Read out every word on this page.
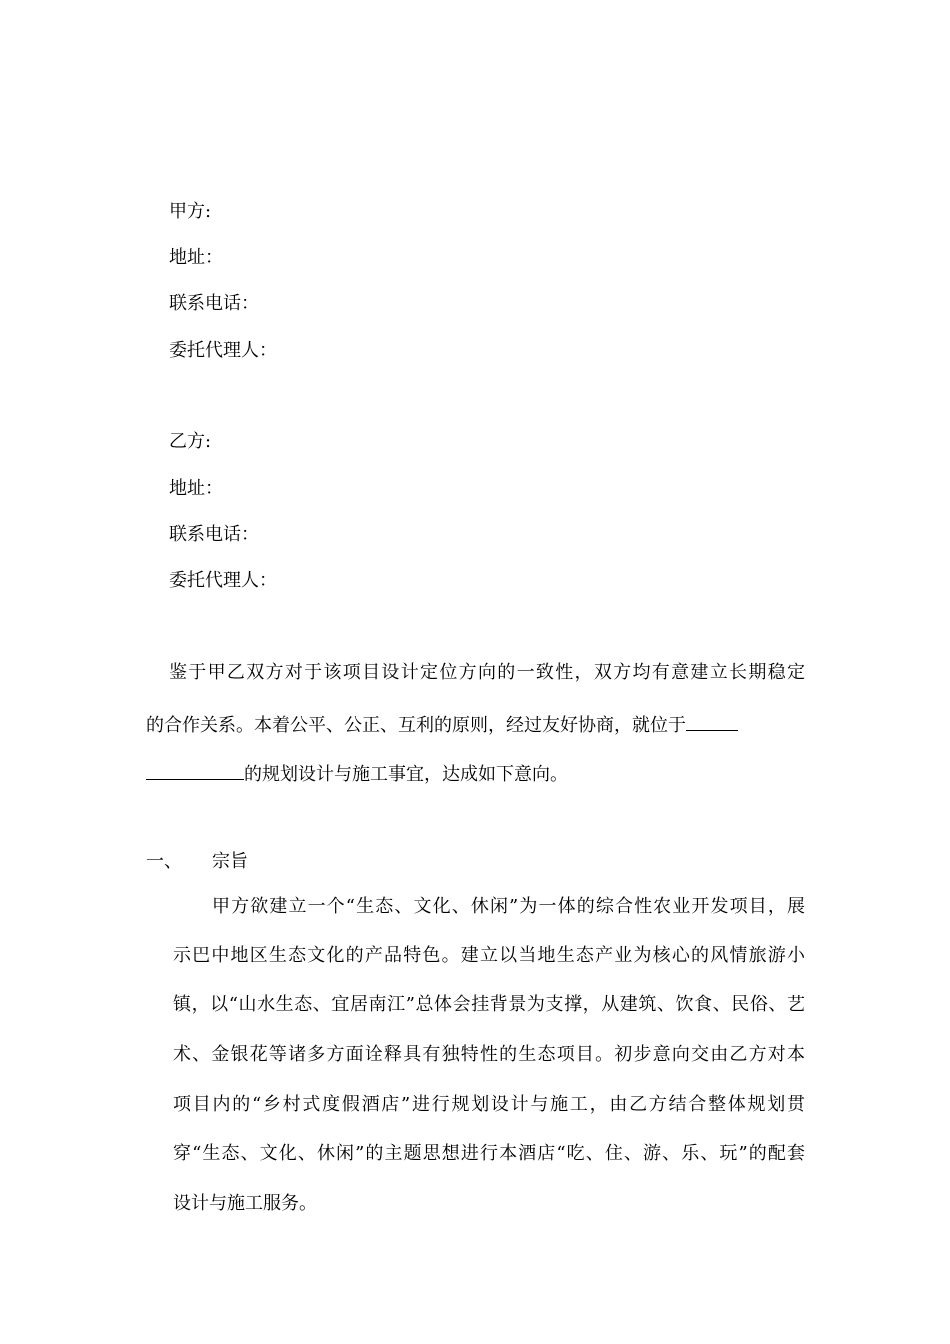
甲方:
地址：
联系电话：
委托代理人：
乙方:
地址：
联系电话：
委托代理人：
鉴于甲乙双方对于该项目设计定位方向的一致性，双方均有意建立长期稳定
的合作关系。本着公平、公正、互利的原则，经过友好协商，就位于
的规划设计与施工事宜，达成如下意向。
一、 宗旨
甲方欲建立一个“生态、文化、休闲”为一体的综合性农业开发项目，展
示巴中地区生态文化的产品特色。建立以当地生态产业为核心的风情旅游小
镇，以“山水生态、宜居南江”总体会挂背景为支撑，从建筑、饮食、民俗、艺
术、金银花等诸多方面诠释具有独特性的生态项目。初步意向交由乙方对本
项目内的“乡村式度假酒店”进行规划设计与施工，由乙方结合整体规划贯
穿“生态、文化、休闲”的主题思想进行本酒店“吃、住、游、乐、玩”的配套
设计与施工服务。
